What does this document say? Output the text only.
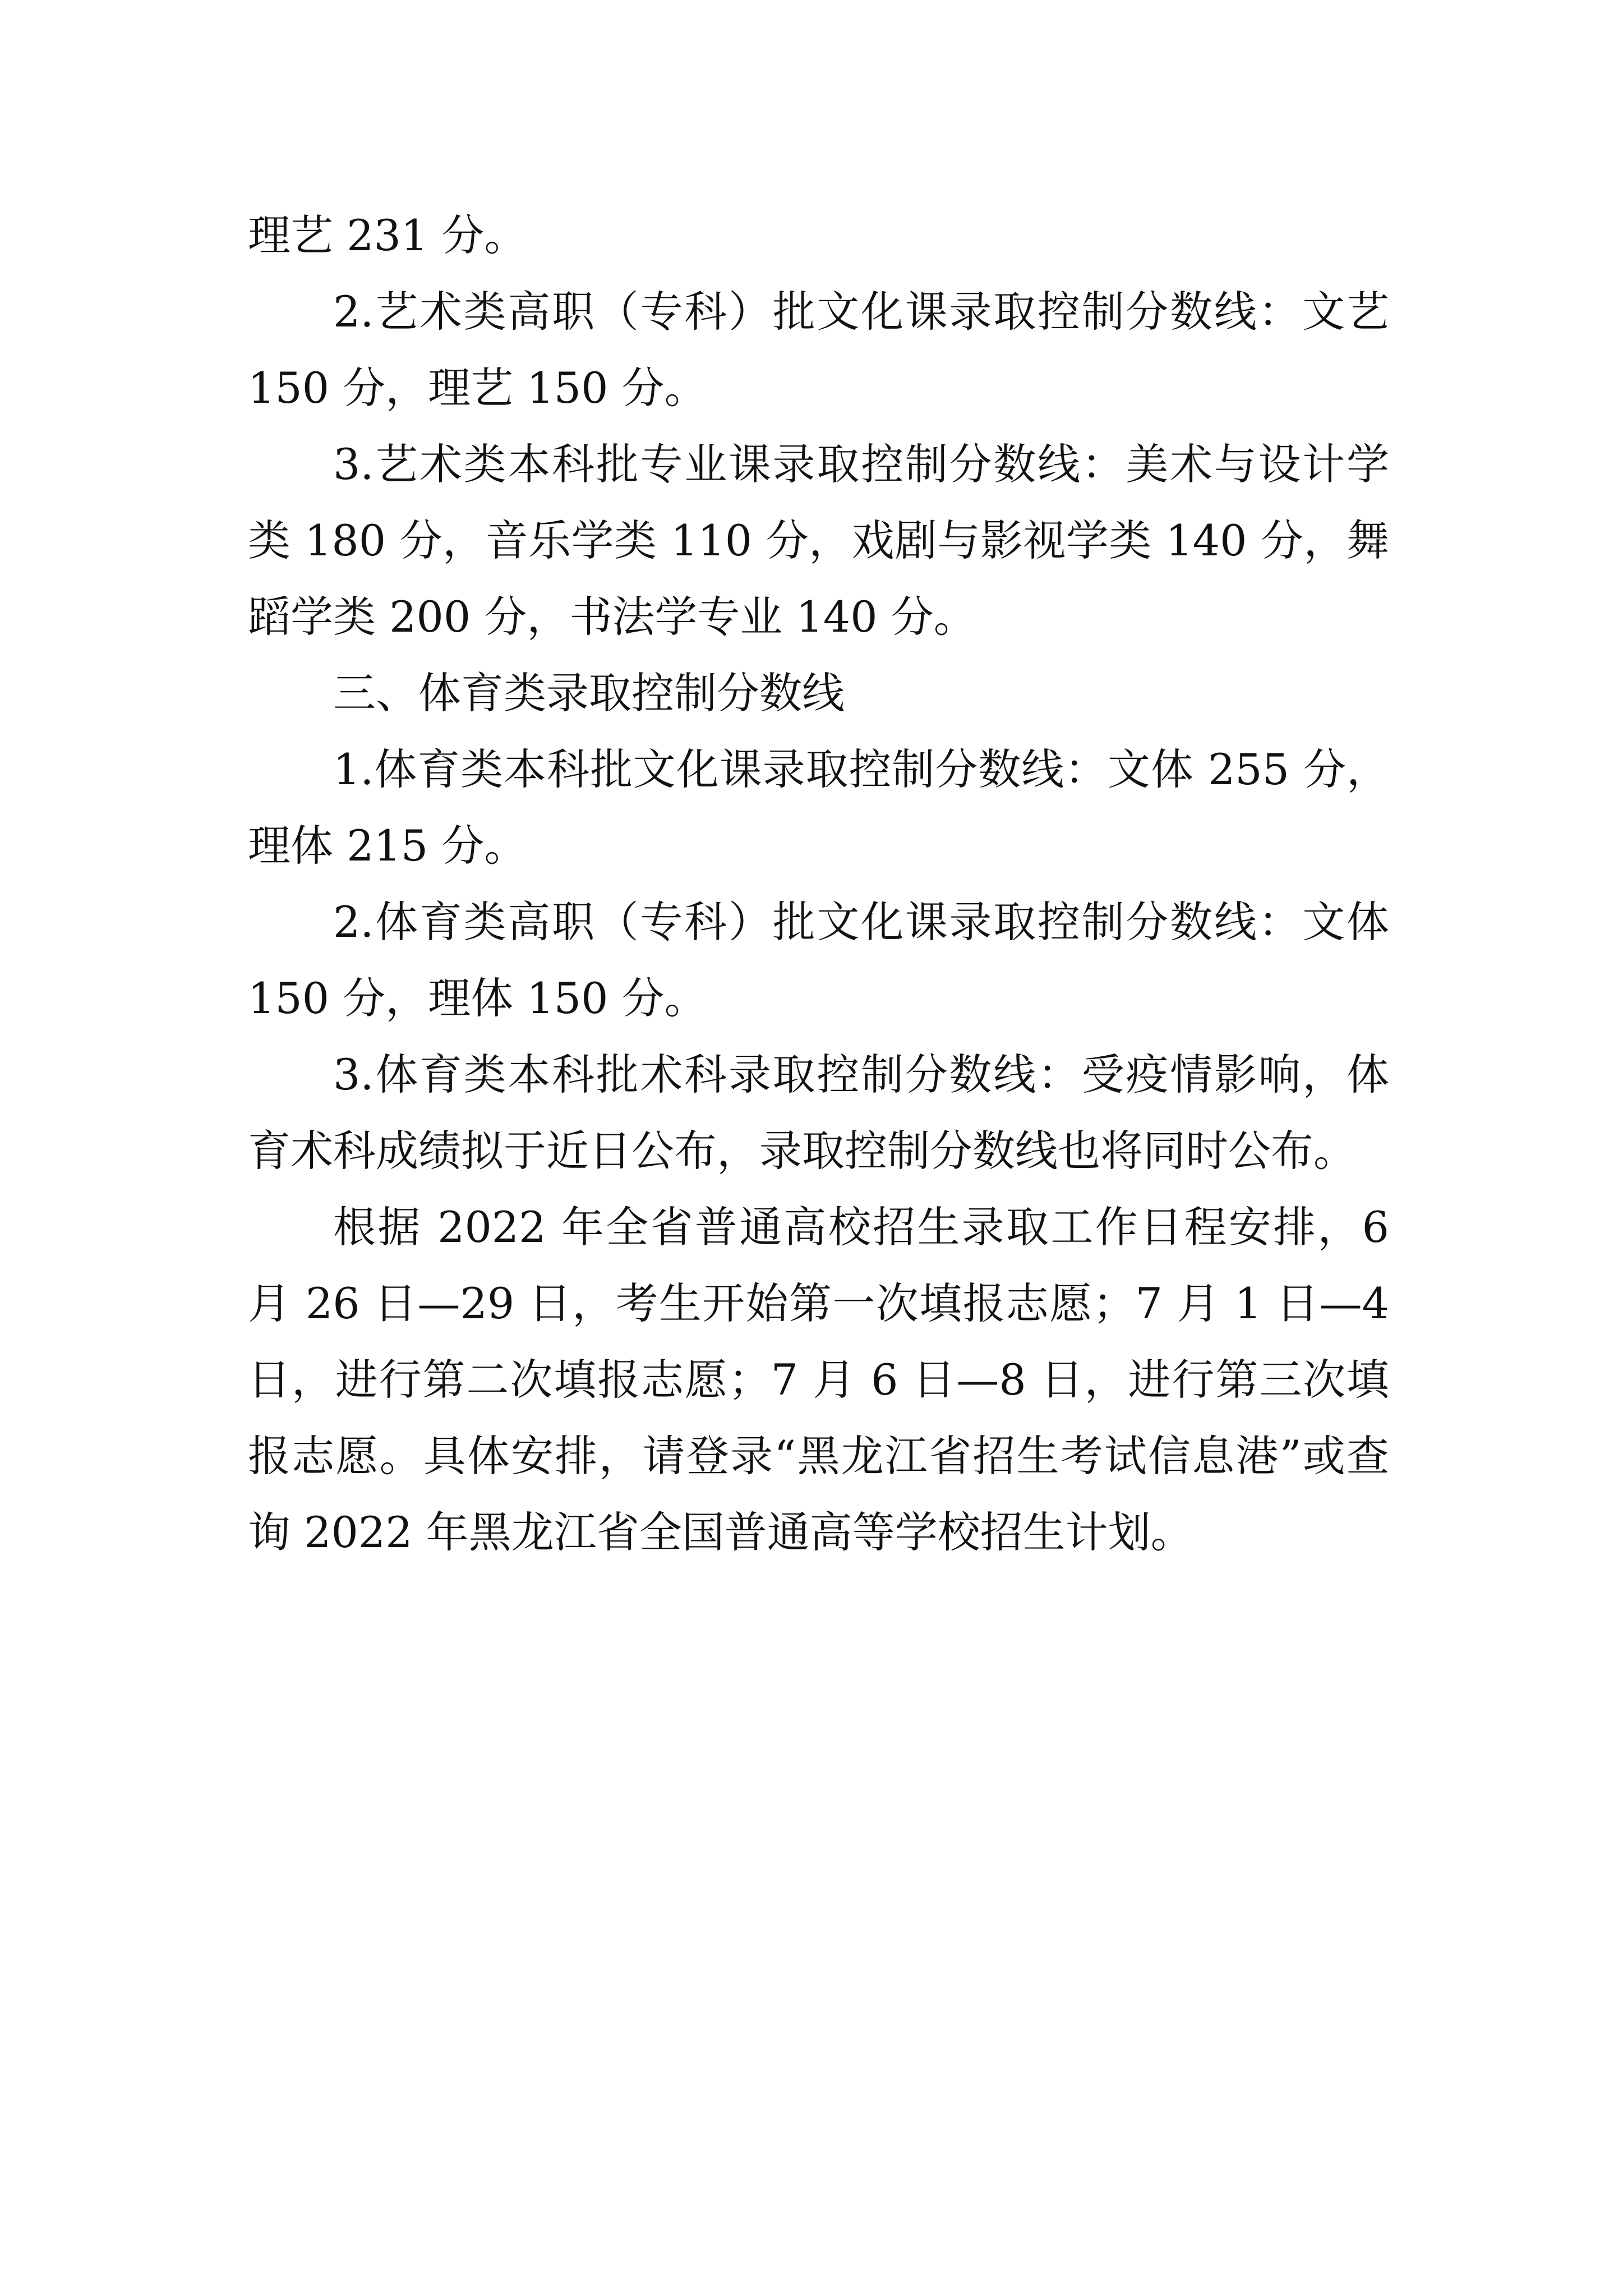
理艺 231 分。

2.艺术类高职（专科）批文化课录取控制分数线：文艺 150 分，理艺 150 分。

3.艺术类本科批专业课录取控制分数线：美术与设计学类 180 分，音乐学类 110 分，戏剧与影视学类 140 分，舞蹈学类 200 分，书法学专业 140 分。

三、体育类录取控制分数线

1.体育类本科批文化课录取控制分数线：文体 255 分，理体 215 分。

2.体育类高职（专科）批文化课录取控制分数线：文体 150 分，理体 150 分。

3.体育类本科批术科录取控制分数线：受疫情影响，体育术科成绩拟于近日公布，录取控制分数线也将同时公布。

根据 2022 年全省普通高校招生录取工作日程安排，6 月 26 日—29 日，考生开始第一次填报志愿；7 月 1 日—4 日，进行第二次填报志愿；7 月 6 日—8 日，进行第三次填报志愿。具体安排，请登录“黑龙江省招生考试信息港”或查询 2022 年黑龙江省全国普通高等学校招生计划。
